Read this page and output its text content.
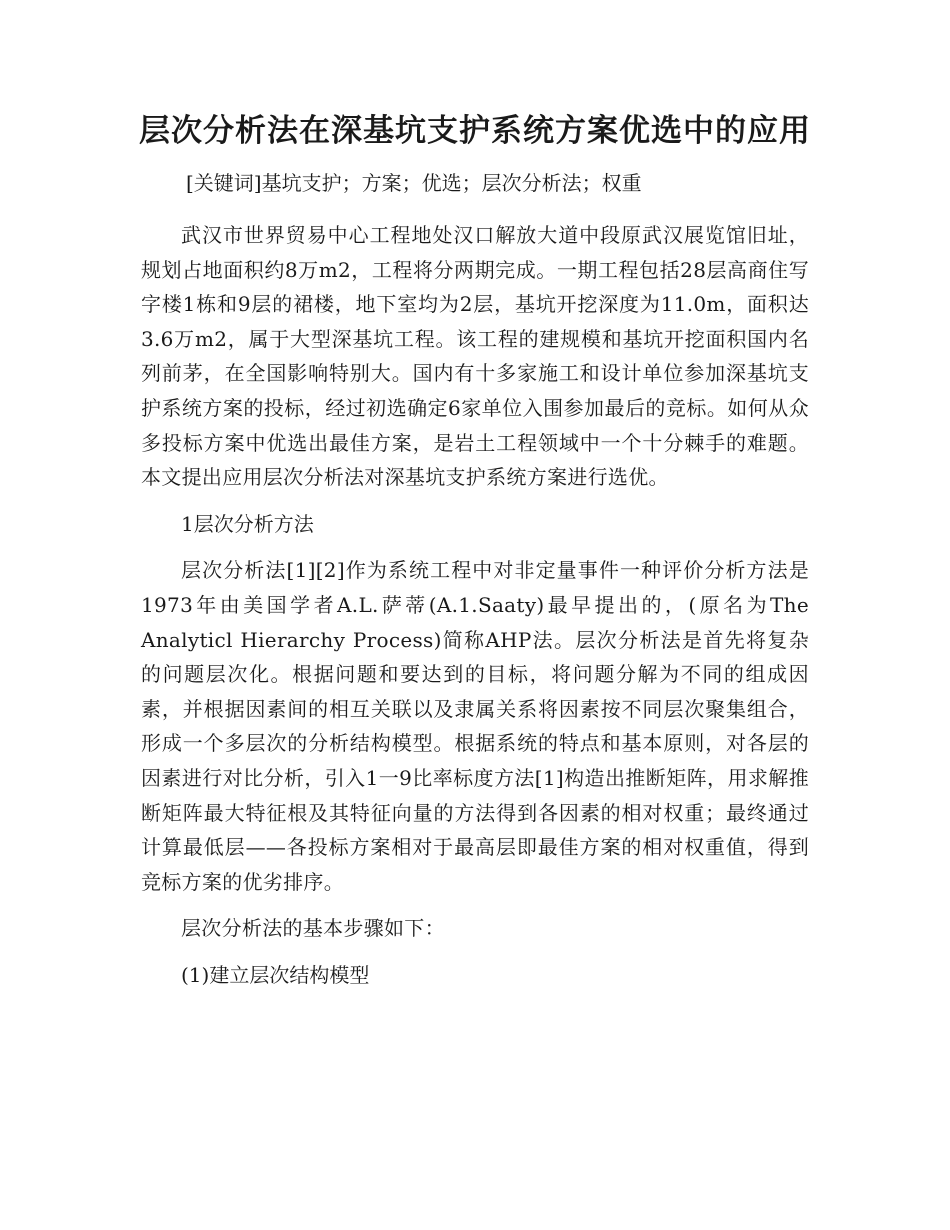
层次分析法在深基坑支护系统方案优选中的应用

[关键词]基坑支护；方案；优选；层次分析法；权重

武汉市世界贸易中心工程地处汉口解放大道中段原武汉展览馆旧址，规划占地面积约8万m2，工程将分两期完成。一期工程包括28层高商住写字楼1栋和9层的裙楼，地下室均为2层，基坑开挖深度为11.0m，面积达3.6万m2，属于大型深基坑工程。该工程的建规模和基坑开挖面积国内名列前茅，在全国影响特别大。国内有十多家施工和设计单位参加深基坑支护系统方案的投标，经过初选确定6家单位入围参加最后的竞标。如何从众多投标方案中优选出最佳方案，是岩土工程领域中一个十分棘手的难题。本文提出应用层次分析法对深基坑支护系统方案进行选优。

1层次分析方法

层次分析法[1][2]作为系统工程中对非定量事件一种评价分析方法是1973年由美国学者A.L.萨蒂(A.1.Saaty)最早提出的，(原名为The Analyticl Hierarchy Process)简称AHP法。层次分析法是首先将复杂的问题层次化。根据问题和要达到的目标，将问题分解为不同的组成因素，并根据因素间的相互关联以及隶属关系将因素按不同层次聚集组合，形成一个多层次的分析结构模型。根据系统的特点和基本原则，对各层的因素进行对比分析，引入1一9比率标度方法[1]构造出推断矩阵，用求解推断矩阵最大特征根及其特征向量的方法得到各因素的相对权重；最终通过计算最低层——各投标方案相对于最高层即最佳方案的相对权重值，得到竞标方案的优劣排序。

层次分析法的基本步骤如下：

(1)建立层次结构模型
